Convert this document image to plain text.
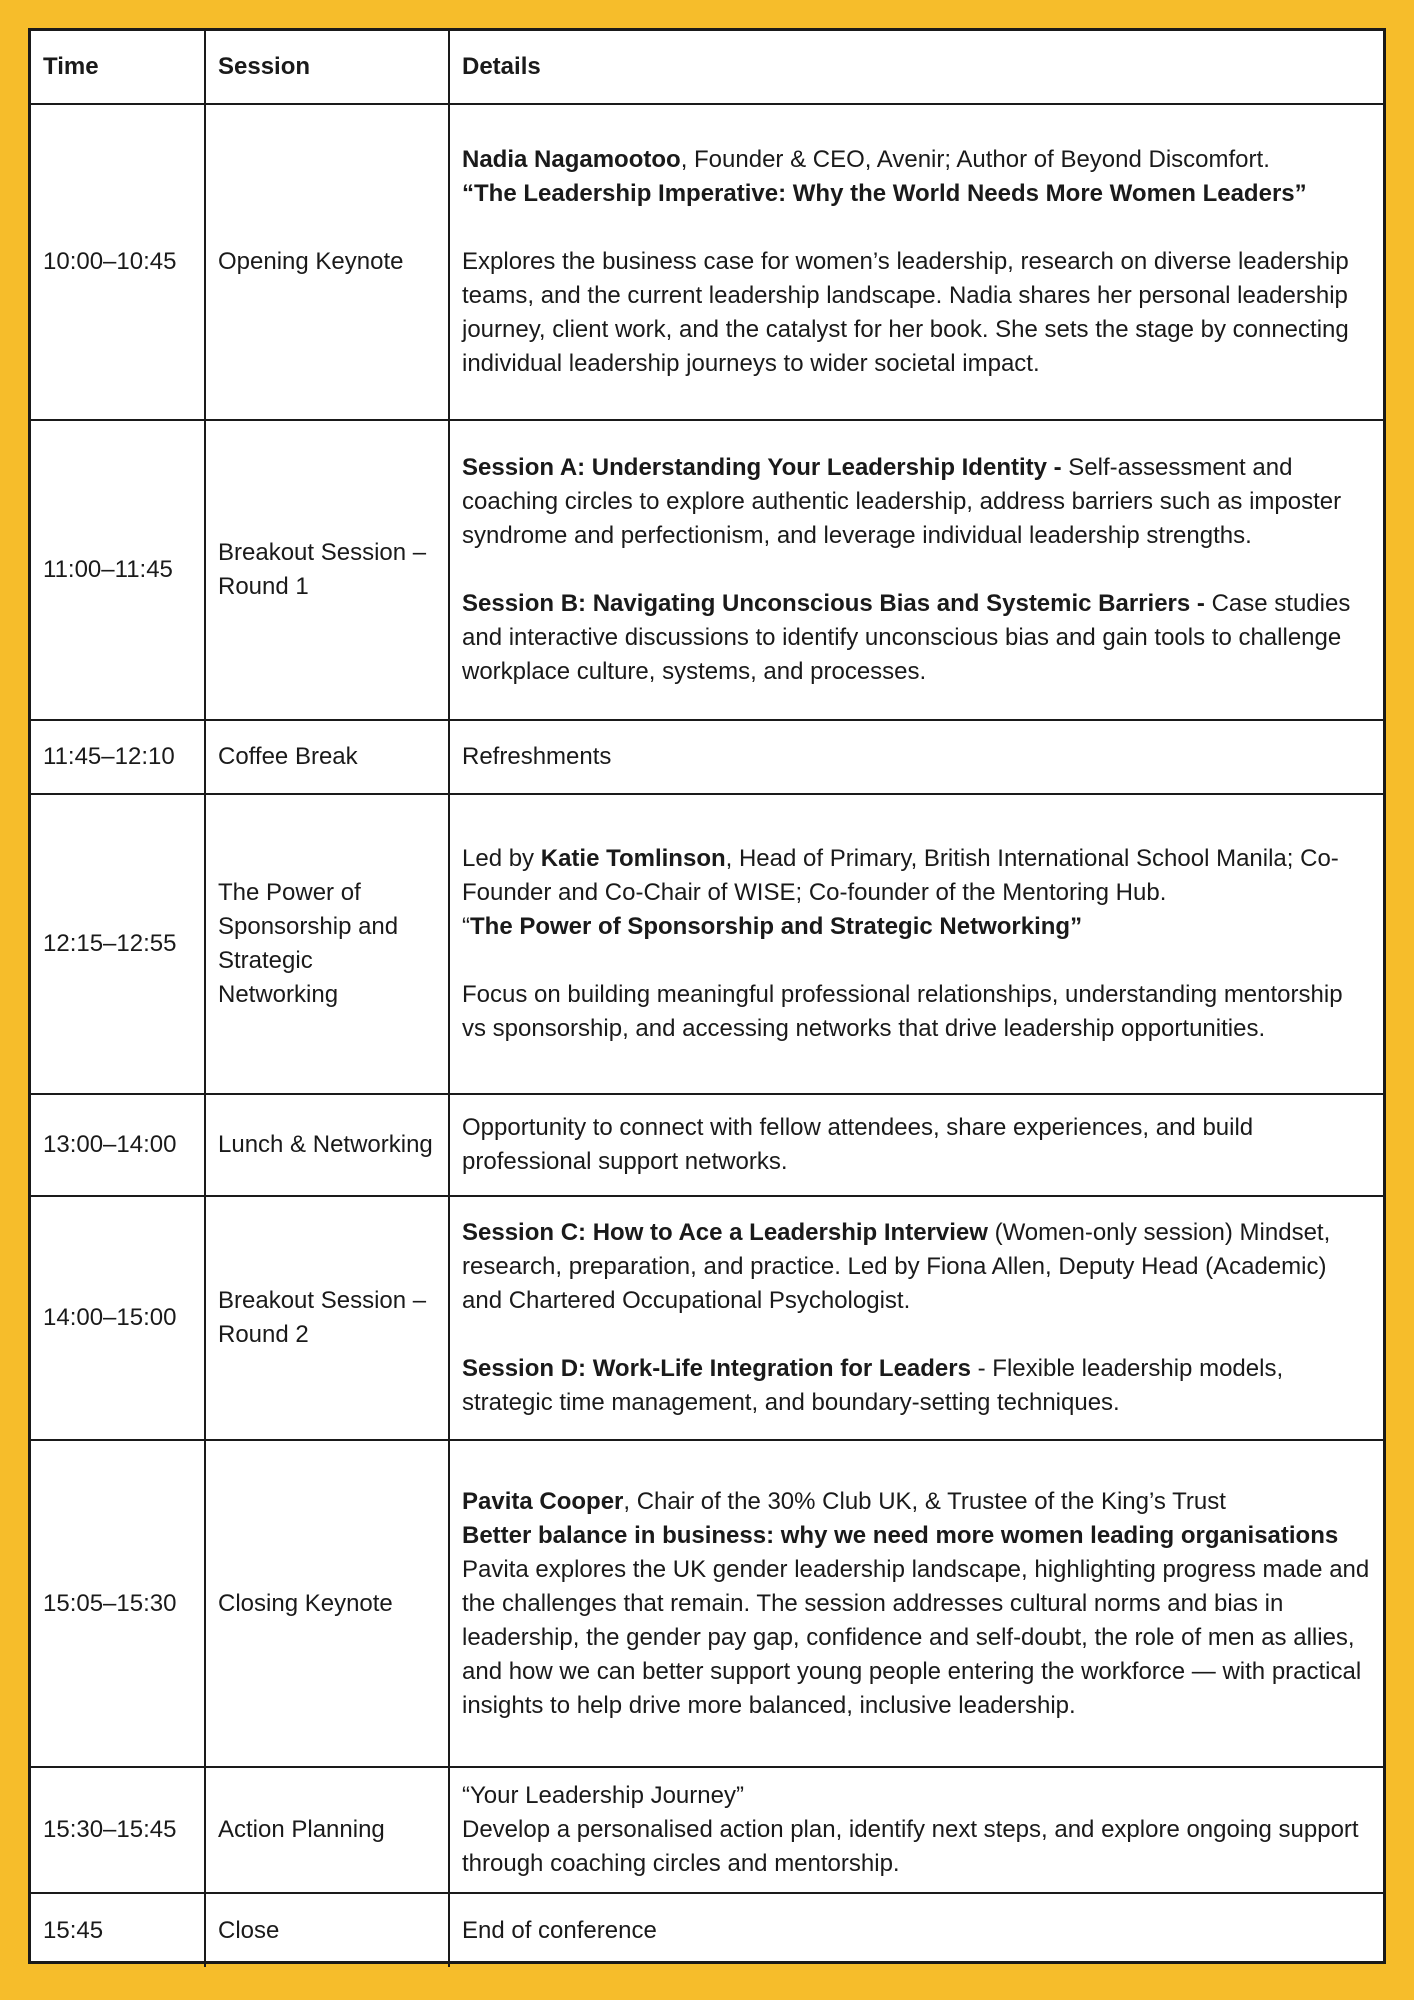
Time	Session	Details
10:00–10:45	Opening Keynote	Nadia Nagamootoo, Founder & CEO, Avenir; Author of Beyond Discomfort.
“The Leadership Imperative: Why the World Needs More Women Leaders”
Explores the business case for women’s leadership, research on diverse leadership teams, and the current leadership landscape. Nadia shares her personal leadership journey, client work, and the catalyst for her book. She sets the stage by connecting individual leadership journeys to wider societal impact.

11:00–11:45	Breakout Session – Round 1	Session A: Understanding Your Leadership Identity - Self-assessment and coaching circles to explore authentic leadership, address barriers such as imposter syndrome and perfectionism, and leverage individual leadership strengths.
Session B: Navigating Unconscious Bias and Systemic Barriers - Case studies and interactive discussions to identify unconscious bias and gain tools to challenge workplace culture, systems, and processes.

11:45–12:10	Coffee Break	Refreshments
12:15–12:55	The Power of Sponsorship and Strategic Networking	Led by Katie Tomlinson, Head of Primary, British International School Manila; Co-Founder and Co-Chair of WISE; Co-founder of the Mentoring Hub.
“The Power of Sponsorship and Strategic Networking”
Focus on building meaningful professional relationships, understanding mentorship vs sponsorship, and accessing networks that drive leadership opportunities.

13:00–14:00	Lunch & Networking	Opportunity to connect with fellow attendees, share experiences, and build professional support networks.
14:00–15:00	Breakout Session – Round 2	Session C: How to Ace a Leadership Interview (Women-only session) Mindset, research, preparation, and practice. Led by Fiona Allen, Deputy Head (Academic) and Chartered Occupational Psychologist.
Session D: Work-Life Integration for Leaders - Flexible leadership models, strategic time management, and boundary-setting techniques.

15:05–15:30	Closing Keynote	Pavita Cooper, Chair of the 30% Club UK, & Trustee of the King’s Trust
Better balance in business: why we need more women leading organisations
Pavita explores the UK gender leadership landscape, highlighting progress made and the challenges that remain. The session addresses cultural norms and bias in leadership, the gender pay gap, confidence and self-doubt, the role of men as allies, and how we can better support young people entering the workforce — with practical insights to help drive more balanced, inclusive leadership.

15:30–15:45	Action Planning	“Your Leadership Journey”
Develop a personalised action plan, identify next steps, and explore ongoing support through coaching circles and mentorship.

15:45	Close	End of conference
